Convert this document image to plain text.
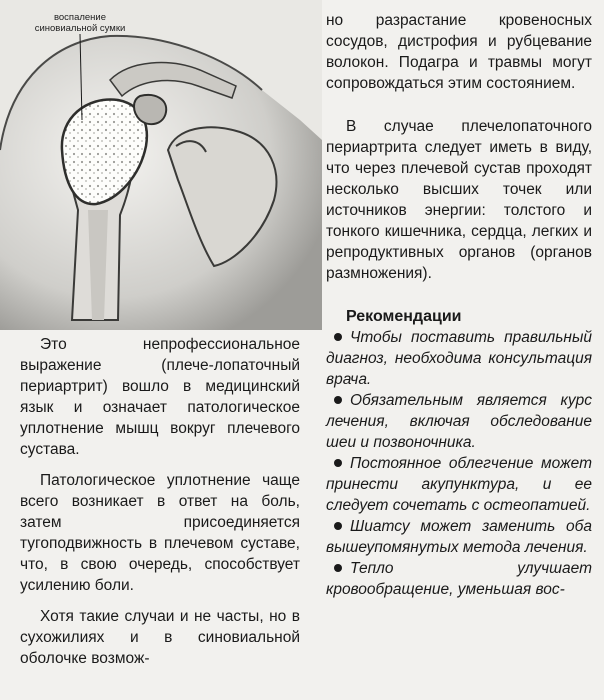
воспаление
синовиальной сумки

Это непрофессиональное выражение (плече-лопаточный периартрит) вошло в медицинский язык и означает патологическое уплотнение мышц вокруг плечевого сустава.

Патологическое уплотнение чаще всего возникает в ответ на боль, затем присоединяется тугоподвижность в плечевом суставе, что, в свою очередь, способствует усилению боли.

Хотя такие случаи и не часты, но в сухожилиях и в синовиальной оболочке возмож-

но разрастание кровеносных сосудов, дистрофия и рубцевание волокон. Подагра и травмы могут сопровождаться этим состоянием.

В случае плечелопаточного периартрита следует иметь в виду, что через плечевой сустав проходят несколько высших точек или источников энергии: толстого и тонкого кишечника, сердца, легких и репродуктивных органов (органов размножения).

Рекомендации

Чтобы поставить правильный диагноз, необходима консультация врача.

Обязательным является курс лечения, включая обследование шеи и позвоночника.

Постоянное облегчение может принести акупунктура, и ее следует сочетать с остеопатией.

Шиатсу может заменить оба вышеупомянутых метода лечения.

Тепло улучшает кровообращение, уменьшая вос-
